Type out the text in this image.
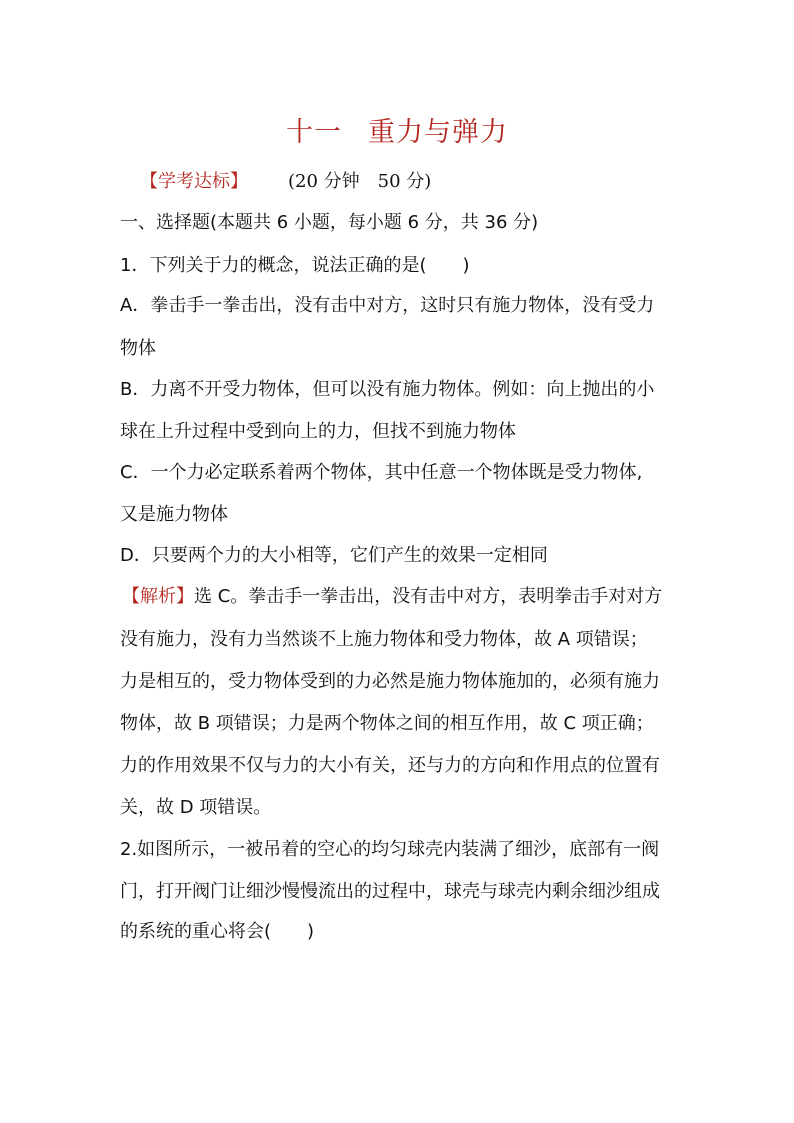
十一 重力与弹力
【学考达标】 (20 分钟　50 分)
一、选择题(本题共 6 小题，每小题 6 分，共 36 分)
1．下列关于力的概念，说法正确的是(　　)
A．拳击手一拳击出，没有击中对方，这时只有施力物体，没有受力
物体
B．力离不开受力物体，但可以没有施力物体。例如：向上抛出的小
球在上升过程中受到向上的力，但找不到施力物体
C．一个力必定联系着两个物体，其中任意一个物体既是受力物体,
又是施力物体
D．只要两个力的大小相等，它们产生的效果一定相同
【解析】选 C。拳击手一拳击出，没有击中对方，表明拳击手对对方
没有施力，没有力当然谈不上施力物体和受力物体，故 A 项错误；
力是相互的，受力物体受到的力必然是施力物体施加的，必须有施力
物体，故 B 项错误；力是两个物体之间的相互作用，故 C 项正确；
力的作用效果不仅与力的大小有关，还与力的方向和作用点的位置有
关，故 D 项错误。
2.如图所示，一被吊着的空心的均匀球壳内装满了细沙，底部有一阀
门，打开阀门让细沙慢慢流出的过程中，球壳与球壳内剩余细沙组成
的系统的重心将会(　　)
